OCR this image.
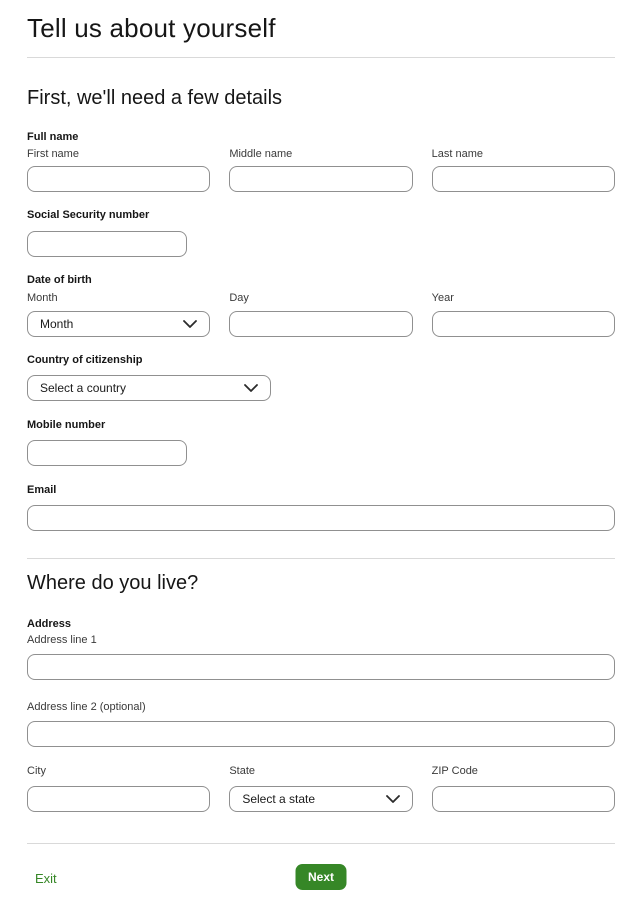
Tell us about yourself
First, we'll need a few details
Full name
First name	Middle name	Last name
Social Security number
Date of birth
Month	Day	Year
Month
Country of citizenship
Select a country
Mobile number
Email
Where do you live?
Address
Address line 1
Address line 2 (optional)
City	State	ZIP Code
Select a state
Exit	Next
